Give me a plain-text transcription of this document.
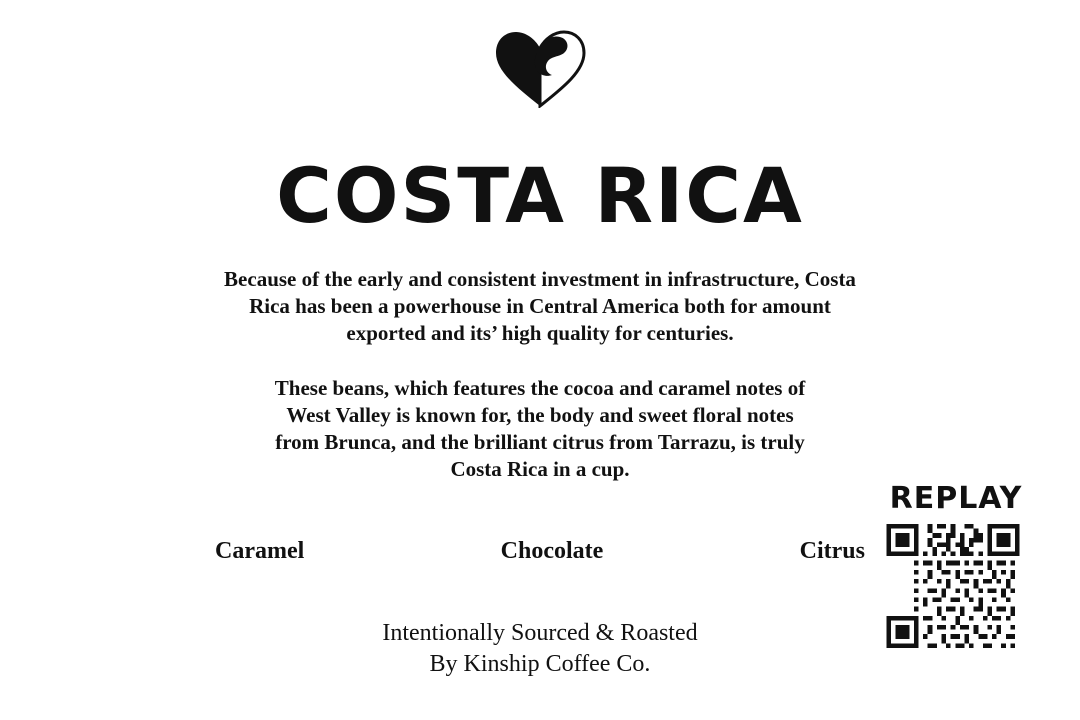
COSTA RICA
Because of the early and consistent investment in infrastructure, Costa
Rica has been a powerhouse in Central America both for amount
exported and its’ high quality for centuries.
These beans, which features the cocoa and caramel notes of
West Valley is known for, the body and sweet floral notes
from Brunca, and the brilliant citrus from Tarrazu, is truly
Costa Rica in a cup.
Caramel	Chocolate	Citrus
Intentionally Sourced & Roasted
By Kinship Coffee Co.
REPLAY
